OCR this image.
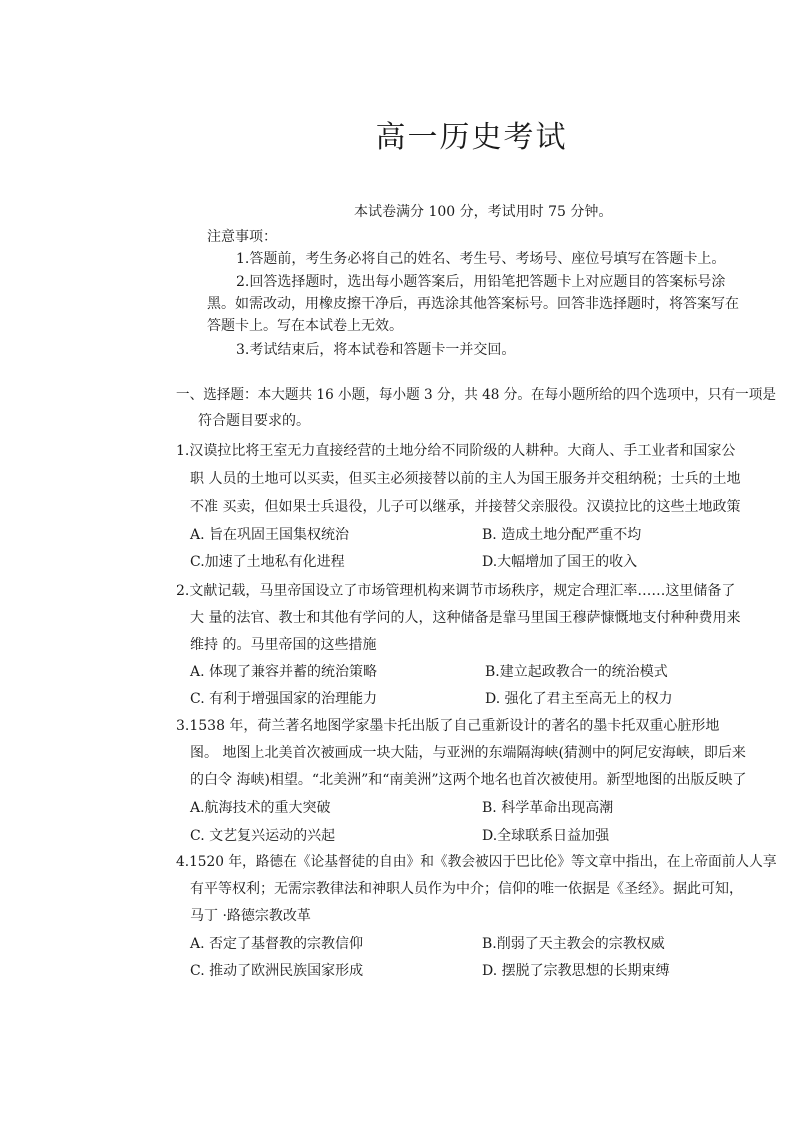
高一历史考试
本试卷满分 100 分，考试用时 75 分钟。
注意事项：
1.答题前，考生务必将自己的姓名、考生号、考场号、座位号填写在答题卡上。
2.回答选择题时，选出每小题答案后，用铅笔把答题卡上对应题目的答案标号涂
黑。如需改动，用橡皮擦干净后，再选涂其他答案标号。回答非选择题时，将答案写在
答题卡上。写在本试卷上无效。
3.考试结束后，将本试卷和答题卡一并交回。
一、选择题：本大题共 16 小题，每小题 3 分，共 48 分。在每小题所给的四个选项中，只有一项是
符合题目要求的。
1.汉谟拉比将王室无力直接经营的土地分给不同阶级的人耕种。大商人、手工业者和国家公
职 人员的土地可以买卖，但买主必须接替以前的主人为国王服务并交租纳税；士兵的土地
不准 买卖，但如果士兵退役，儿子可以继承，并接替父亲服役。汉谟拉比的这些土地政策
A. 旨在巩固王国集权统治	B. 造成土地分配严重不均
C.加速了土地私有化进程	D.大幅增加了国王的收入
2.文献记载，马里帝国设立了市场管理机构来调节市场秩序，规定合理汇率……这里储备了
大 量的法官、教士和其他有学问的人，这种储备是靠马里国王穆萨慷慨地支付种种费用来
维持 的。马里帝国的这些措施
A. 体现了兼容并蓄的统治策略	B.建立起政教合一的统治模式
C. 有利于增强国家的治理能力	D. 强化了君主至高无上的权力
3.1538 年，荷兰著名地图学家墨卡托出版了自己重新设计的著名的墨卡托双重心脏形地
图。 地图上北美首次被画成一块大陆，与亚洲的东端隔海峡(猜测中的阿尼安海峡，即后来
的白令 海峡)相望。“北美洲”和“南美洲”这两个地名也首次被使用。新型地图的出版反映了
A.航海技术的重大突破	B. 科学革命出现高潮
C. 文艺复兴运动的兴起	D.全球联系日益加强
4.1520 年，路德在《论基督徒的自由》和《教会被囚于巴比伦》等文章中指出，在上帝面前人人享
有平等权利；无需宗教律法和神职人员作为中介；信仰的唯一依据是《圣经》。据此可知，
马丁 ·路德宗教改革
A. 否定了基督教的宗教信仰	B.削弱了天主教会的宗教权威
C. 推动了欧洲民族国家形成	D. 摆脱了宗教思想的长期束缚
